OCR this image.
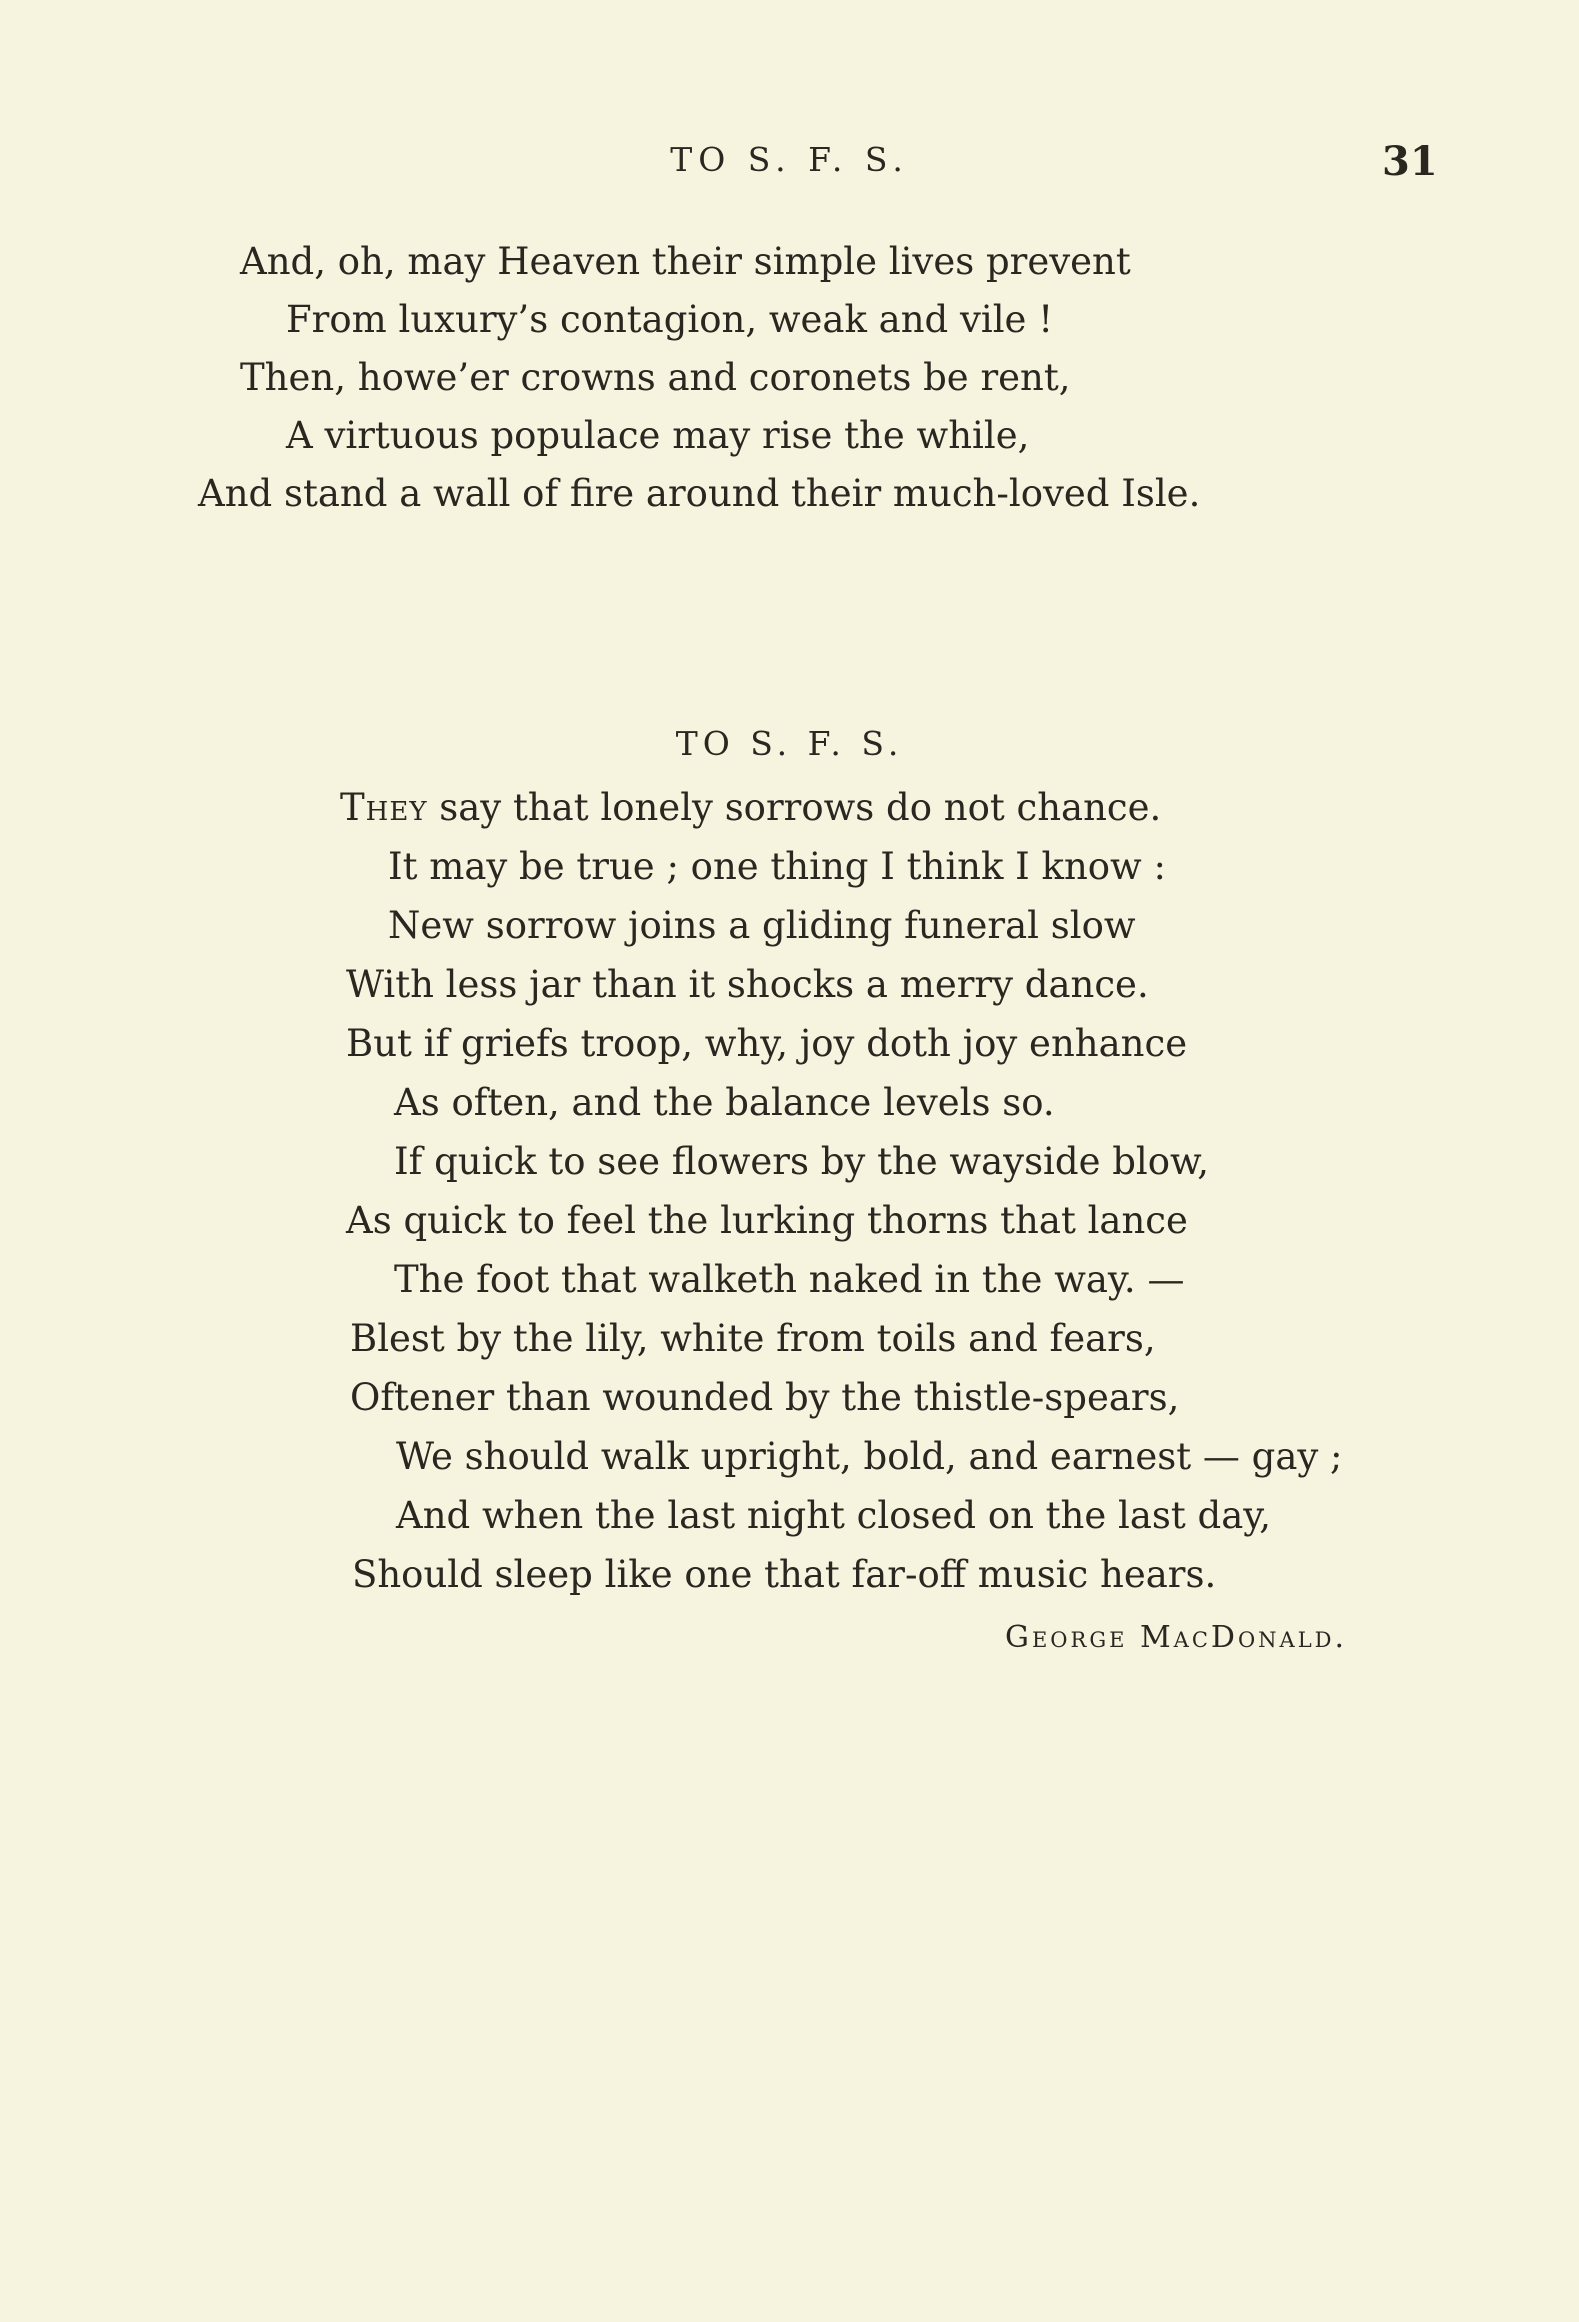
TO S. F. S.	31
And, oh, may Heaven their simple lives prevent
From luxury’s contagion, weak and vile !
Then, howe’er crowns and coronets be rent,
A virtuous populace may rise the while,
And stand a wall of fire around their much-loved Isle.
TO S. F. S.
They say that lonely sorrows do not chance.
It may be true ; one thing I think I know :
New sorrow joins a gliding funeral slow
With less jar than it shocks a merry dance.
But if griefs troop, why, joy doth joy enhance
As often, and the balance levels so.
If quick to see flowers by the wayside blow,
As quick to feel the lurking thorns that lance
The foot that walketh naked in the way. —
Blest by the lily, white from toils and fears,
Oftener than wounded by the thistle-spears,
We should walk upright, bold, and earnest — gay ;
And when the last night closed on the last day,
Should sleep like one that far-off music hears.
George MacDonald.
